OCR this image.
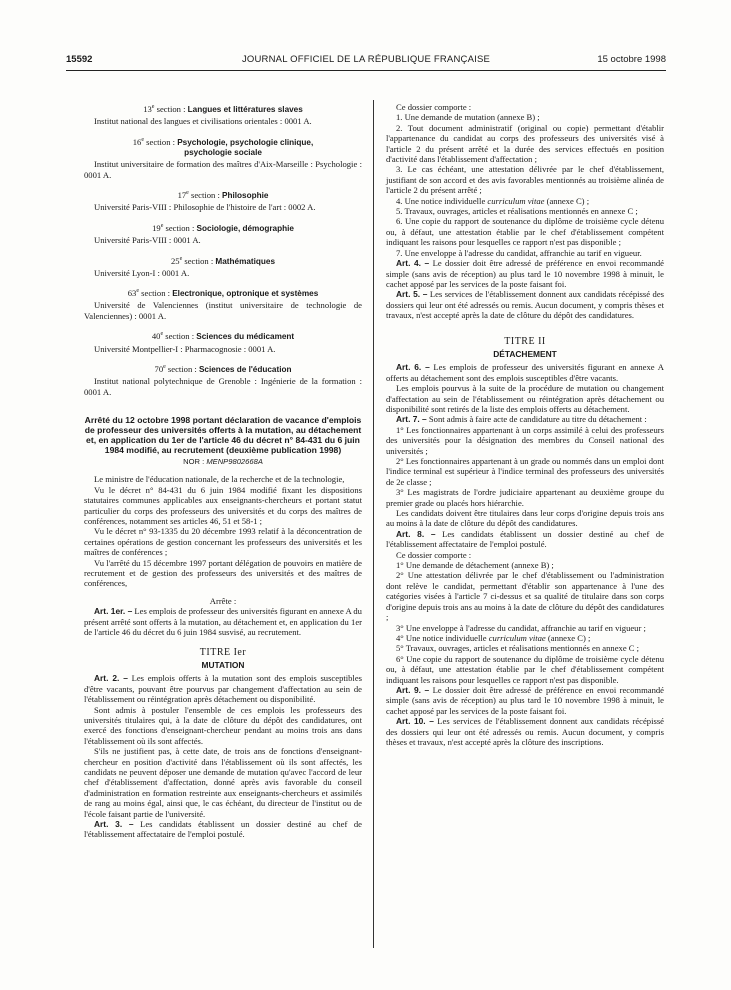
15592	JOURNAL OFFICIEL DE LA RÉPUBLIQUE FRANÇAISE	15 octobre 1998

13e section : Langues et littératures slaves

Institut national des langues et civilisations orientales : 0001 A.

16e section : Psychologie, psychologie clinique,

psychologie sociale

Institut universitaire de formation des maîtres d'Aix-Marseille : Psychologie : 0001 A.

17e section : Philosophie

Université Paris-VIII : Philosophie de l'histoire de l'art : 0002 A.

19e section : Sociologie, démographie

Université Paris-VIII : 0001 A.

25e section : Mathématiques

Université Lyon-I : 0001 A.

63e section : Electronique, optronique et systèmes

Université de Valenciennes (institut universitaire de technologie de Valenciennes) : 0001 A.

40e section : Sciences du médicament

Université Montpellier-I : Pharmacognosie : 0001 A.

70e section : Sciences de l'éducation

Institut national polytechnique de Grenoble : Ingénierie de la formation : 0001 A.

Arrêté du 12 octobre 1998 portant déclaration de vacance d'emplois de professeur des universités offerts à la mutation, au détachement et, en application du 1er de l'article 46 du décret n° 84-431 du 6 juin 1984 modifié, au recrutement (deuxième publication 1998)

NOR : MENP9802668A

Le ministre de l'éducation nationale, de la recherche et de la technologie,

Vu le décret n° 84-431 du 6 juin 1984 modifié fixant les dispositions statutaires communes applicables aux enseignants-chercheurs et portant statut particulier du corps des professeurs des universités et du corps des maîtres de conférences, notamment ses articles 46, 51 et 58-1 ;

Vu le décret n° 93-1335 du 20 décembre 1993 relatif à la déconcentration de certaines opérations de gestion concernant les professeurs des universités et les maîtres de conférences ;

Vu l'arrêté du 15 décembre 1997 portant délégation de pouvoirs en matière de recrutement et de gestion des professeurs des universités et des maîtres de conférences,

Arrête :

Art. 1er. – Les emplois de professeur des universités figurant en annexe A du présent arrêté sont offerts à la mutation, au détachement et, en application du 1er de l'article 46 du décret du 6 juin 1984 susvisé, au recrutement.

TITRE Ier

MUTATION

Art. 2. – Les emplois offerts à la mutation sont des emplois susceptibles d'être vacants, pouvant être pourvus par changement d'affectation au sein de l'établissement ou réintégration après détachement ou disponibilité.

Sont admis à postuler l'ensemble de ces emplois les professeurs des universités titulaires qui, à la date de clôture du dépôt des candidatures, ont exercé des fonctions d'enseignant-chercheur pendant au moins trois ans dans l'établissement où ils sont affectés.

S'ils ne justifient pas, à cette date, de trois ans de fonctions d'enseignant-chercheur en position d'activité dans l'établissement où ils sont affectés, les candidats ne peuvent déposer une demande de mutation qu'avec l'accord de leur chef d'établissement d'affectation, donné après avis favorable du conseil d'administration en formation restreinte aux enseignants-chercheurs et assimilés de rang au moins égal, ainsi que, le cas échéant, du directeur de l'institut ou de l'école faisant partie de l'université.

Art. 3. – Les candidats établissent un dossier destiné au chef de l'établissement affectataire de l'emploi postulé.

Ce dossier comporte :

1. Une demande de mutation (annexe B) ;

2. Tout document administratif (original ou copie) permettant d'établir l'appartenance du candidat au corps des professeurs des universités visé à l'article 2 du présent arrêté et la durée des services effectués en position d'activité dans l'établissement d'affectation ;

3. Le cas échéant, une attestation délivrée par le chef d'établissement, justifiant de son accord et des avis favorables mentionnés au troisième alinéa de l'article 2 du présent arrêté ;

4. Une notice individuelle curriculum vitae (annexe C) ;

5. Travaux, ouvrages, articles et réalisations mentionnés en annexe C ;

6. Une copie du rapport de soutenance du diplôme de troisième cycle détenu ou, à défaut, une attestation établie par le chef d'établissement compétent indiquant les raisons pour lesquelles ce rapport n'est pas disponible ;

7. Une enveloppe à l'adresse du candidat, affranchie au tarif en vigueur.

Art. 4. – Le dossier doit être adressé de préférence en envoi recommandé simple (sans avis de réception) au plus tard le 10 novembre 1998 à minuit, le cachet apposé par les services de la poste faisant foi.

Art. 5. – Les services de l'établissement donnent aux candidats récépissé des dossiers qui leur ont été adressés ou remis. Aucun document, y compris thèses et travaux, n'est accepté après la date de clôture du dépôt des candidatures.

TITRE II

DÉTACHEMENT

Art. 6. – Les emplois de professeur des universités figurant en annexe A offerts au détachement sont des emplois susceptibles d'être vacants.

Les emplois pourvus à la suite de la procédure de mutation ou changement d'affectation au sein de l'établissement ou réintégration après détachement ou disponibilité sont retirés de la liste des emplois offerts au détachement.

Art. 7. – Sont admis à faire acte de candidature au titre du détachement :

1° Les fonctionnaires appartenant à un corps assimilé à celui des professeurs des universités pour la désignation des membres du Conseil national des universités ;

2° Les fonctionnaires appartenant à un grade ou nommés dans un emploi dont l'indice terminal est supérieur à l'indice terminal des professeurs des universités de 2e classe ;

3° Les magistrats de l'ordre judiciaire appartenant au deuxième groupe du premier grade ou placés hors hiérarchie.

Les candidats doivent être titulaires dans leur corps d'origine depuis trois ans au moins à la date de clôture du dépôt des candidatures.

Art. 8. – Les candidats établissent un dossier destiné au chef de l'établissement affectataire de l'emploi postulé.

Ce dossier comporte :

1° Une demande de détachement (annexe B) ;

2° Une attestation délivrée par le chef d'établissement ou l'administration dont relève le candidat, permettant d'établir son appartenance à l'une des catégories visées à l'article 7 ci-dessus et sa qualité de titulaire dans son corps d'origine depuis trois ans au moins à la date de clôture du dépôt des candidatures ;

3° Une enveloppe à l'adresse du candidat, affranchie au tarif en vigueur ;

4° Une notice individuelle curriculum vitae (annexe C) ;

5° Travaux, ouvrages, articles et réalisations mentionnés en annexe C ;

6° Une copie du rapport de soutenance du diplôme de troisième cycle détenu ou, à défaut, une attestation établie par le chef d'établissement compétent indiquant les raisons pour lesquelles ce rapport n'est pas disponible.

Art. 9. – Le dossier doit être adressé de préférence en envoi recommandé simple (sans avis de réception) au plus tard le 10 novembre 1998 à minuit, le cachet apposé par les services de la poste faisant foi.

Art. 10. – Les services de l'établissement donnent aux candidats récépissé des dossiers qui leur ont été adressés ou remis. Aucun document, y compris thèses et travaux, n'est accepté après la clôture des inscriptions.
